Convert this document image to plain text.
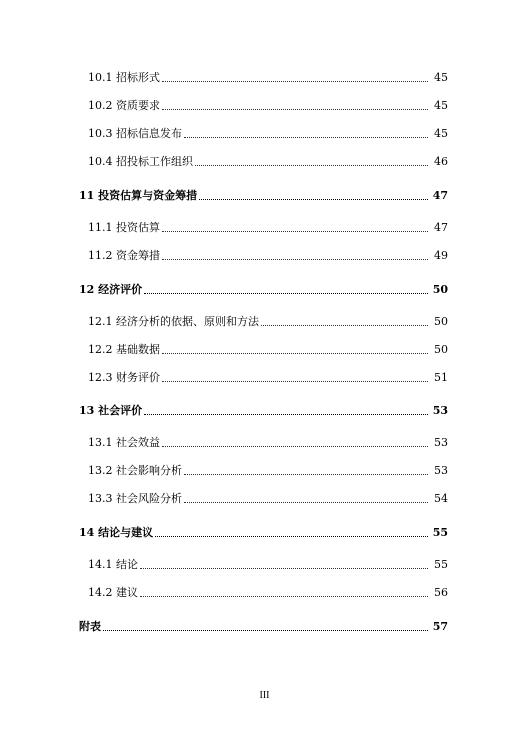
10.1 招标形式	45
10.2 资质要求	45
10.3 招标信息发布	45
10.4 招投标工作组织	46
11 投资估算与资金筹措	47
11.1 投资估算	47
11.2 资金筹措	49
12 经济评价	50
12.1 经济分析的依据、原则和方法	50
12.2 基础数据	50
12.3 财务评价	51
13 社会评价	53
13.1 社会效益	53
13.2 社会影响分析	53
13.3 社会风险分析	54
14 结论与建议	55
14.1 结论	55
14.2 建议	56
附表	57
III
